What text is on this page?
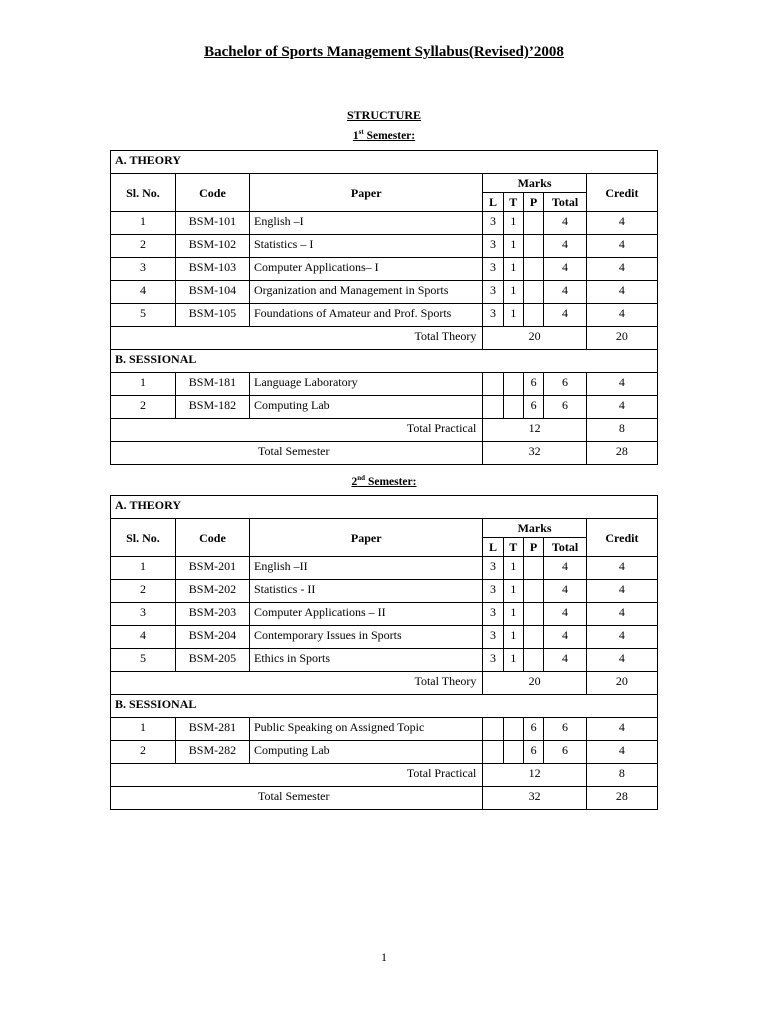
Bachelor of Sports Management Syllabus(Revised)’2008
STRUCTURE
1st Semester:
A. THEORY							
Sl. No.	Code	Paper	Marks				Credit
			L	T	P	Total	
1	BSM-101	English –I	3	1		4	4
2	BSM-102	Statistics – I	3	1		4	4
3	BSM-103	Computer Applications– I	3	1		4	4
4	BSM-104	Organization and Management in Sports	3	1		4	4
5	BSM-105	Foundations of Amateur and Prof. Sports	3	1		4	4
Total Theory			20				20
B. SESSIONAL							
1	BSM-181	Language Laboratory			6	6	4
2	BSM-182	Computing Lab			6	6	4
Total Practical			12				8
Total Semester			32				28
2nd Semester:
A. THEORY							
Sl. No.	Code	Paper	Marks				Credit
			L	T	P	Total	
1	BSM-201	English –II	3	1		4	4
2	BSM-202	Statistics - II	3	1		4	4
3	BSM-203	Computer Applications – II	3	1		4	4
4	BSM-204	Contemporary Issues in Sports	3	1		4	4
5	BSM-205	Ethics in Sports	3	1		4	4
Total Theory			20				20
B. SESSIONAL							
1	BSM-281	Public Speaking on Assigned Topic			6	6	4
2	BSM-282	Computing Lab			6	6	4
Total Practical			12				8
Total Semester			32				28
1
